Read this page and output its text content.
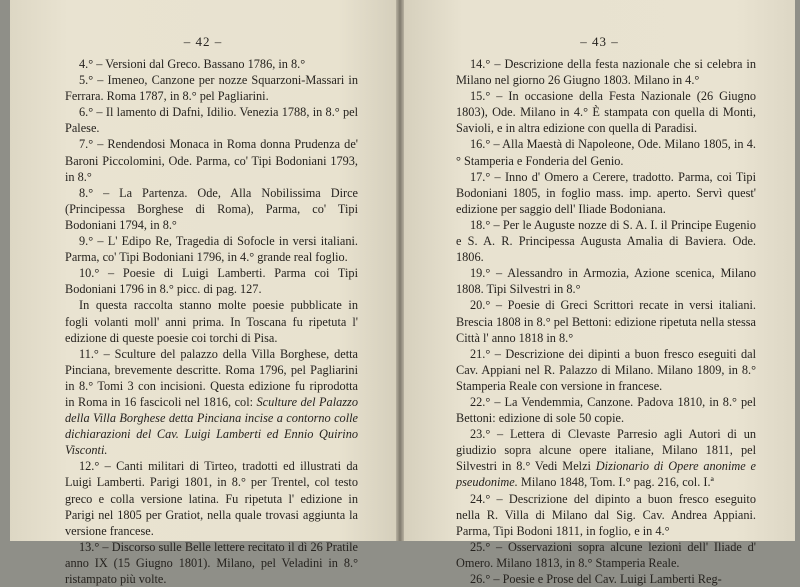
– 42 –

4.° – Versioni dal Greco. Bassano 1786, in 8.°

5.° – Imeneo, Canzone per nozze Squarzoni-Massari in Ferrara. Roma 1787, in 8.° pel Pagliarini.

6.° – Il lamento di Dafni, Idilio. Venezia 1788, in 8.° pel Palese.

7.° – Rendendosi Monaca in Roma donna Prudenza de' Baroni Piccolomini, Ode. Parma, co' Tipi Bodoniani 1793, in 8.°

8.° – La Partenza. Ode, Alla Nobilissima Dirce (Principessa Borghese di Roma), Parma, co' Tipi Bodoniani 1794, in 8.°

9.° – L' Edipo Re, Tragedia di Sofocle in versi italiani. Parma, co' Tipi Bodoniani 1796, in 4.° grande real foglio.

10.° – Poesie di Luigi Lamberti. Parma coi Tipi Bodoniani 1796 in 8.° picc. di pag. 127.

In questa raccolta stanno molte poesie pubblicate in fogli volanti moll' anni prima. In Toscana fu ripetuta l' edizione di queste poesie coi torchi di Pisa.

11.° – Sculture del palazzo della Villa Borghese, detta Pinciana, brevemente descritte. Roma 1796, pel Pagliarini in 8.° Tomi 3 con incisioni. Questa edizione fu riprodotta in Roma in 16 fascicoli nel 1816, col: Sculture del Palazzo della Villa Borghese detta Pinciana incise a contorno colle dichiarazioni del Cav. Luigi Lamberti ed Ennio Quirino Visconti.

12.° – Canti militari di Tirteo, tradotti ed illustrati da Luigi Lamberti. Parigi 1801, in 8.° per Trentel, col testo greco e colla versione latina. Fu ripetuta l' edizione in Parigi nel 1805 per Gratiot, nella quale trovasi aggiunta la versione francese.

13.° – Discorso sulle Belle lettere recitato il dì 26 Pratile anno IX (15 Giugno 1801). Milano, pel Veladini in 8.° ristampato più volte.

– 43 –

14.° – Descrizione della festa nazionale che si celebra in Milano nel giorno 26 Giugno 1803. Milano in 4.°

15.° – In occasione della Festa Nazionale (26 Giugno 1803), Ode. Milano in 4.° È stampata con quella di Monti, Savioli, e in altra edizione con quella di Paradisi.

16.° – Alla Maestà di Napoleone, Ode. Milano 1805, in 4.° Stamperia e Fonderia del Genio.

17.° – Inno d' Omero a Cerere, tradotto. Parma, coi Tipi Bodoniani 1805, in foglio mass. imp. aperto. Servì quest' edizione per saggio dell' Iliade Bodoniana.

18.° – Per le Auguste nozze di S. A. I. il Principe Eugenio e S. A. R. Principessa Augusta Amalia di Baviera. Ode. 1806.

19.° – Alessandro in Armozia, Azione scenica, Milano 1808. Tipi Silvestri in 8.°

20.° – Poesie di Greci Scrittori recate in versi italiani. Brescia 1808 in 8.° pel Bettoni: edizione ripetuta nella stessa Città l' anno 1818 in 8.°

21.° – Descrizione dei dipinti a buon fresco eseguiti dal Cav. Appiani nel R. Palazzo di Milano. Milano 1809, in 8.° Stamperia Reale con versione in francese.

22.° – La Vendemmia, Canzone. Padova 1810, in 8.° pel Bettoni: edizione di sole 50 copie.

23.° – Lettera di Clevaste Parresio agli Autori di un giudizio sopra alcune opere italiane, Milano 1811, pel Silvestri in 8.° Vedi Melzi Dizionario di Opere anonime e pseudonime. Milano 1848, Tom. I.° pag. 216, col. I.ª

24.° – Descrizione del dipinto a buon fresco eseguito nella R. Villa di Milano dal Sig. Cav. Andrea Appiani. Parma, Tipi Bodoni 1811, in foglio, e in 4.°

25.° – Osservazioni sopra alcune lezioni dell' Iliade d' Omero. Milano 1813, in 8.° Stamperia Reale.

26.° – Poesie e Prose del Cav. Luigi Lamberti Reg-
